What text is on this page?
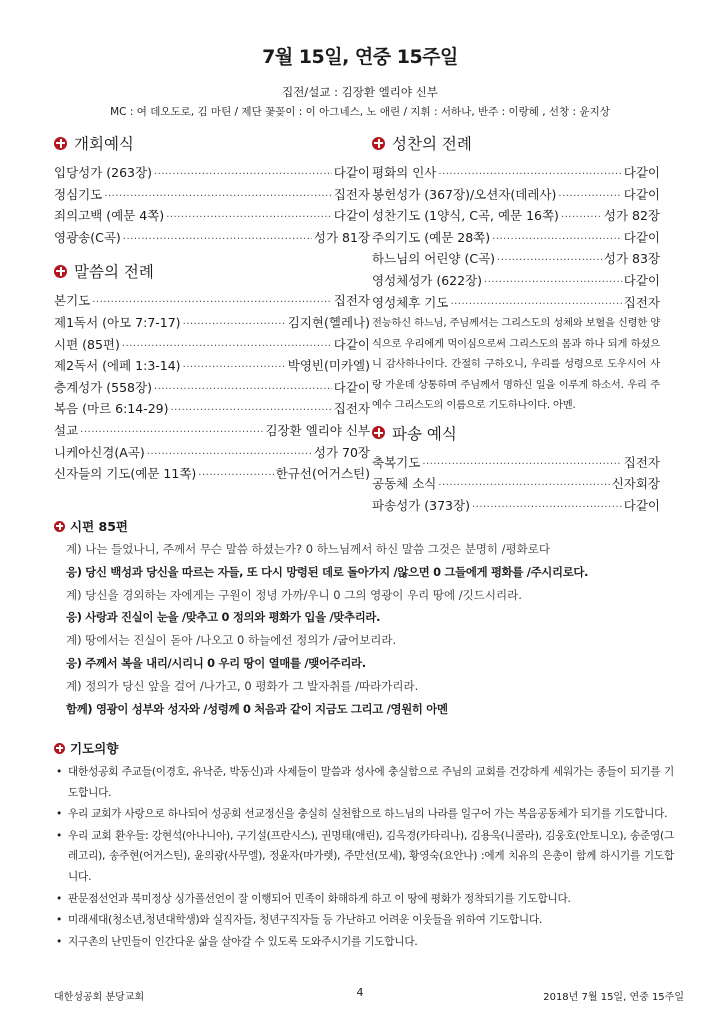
7월 15일, 연중 15주일
집전/설교 : 김장환 엘리야 신부
MC : 여 데오도로, 김 마틴 / 제단 꽃꽂이 : 이 아그네스, 노 애린 / 지휘 : 서하나, 반주 : 이랑혜 , 선창 : 윤지상
개회예식
입당성가 (263장) ·····	다같이
정심기도 ·····	집전자
죄의고백 (예문 4쪽) ·····	다같이
영광송(C곡) ·····	성가 81장
말씀의 전례
본기도 ·····	집전자
제1독서 (아모 7:7-17) ·····	김지현(헬레나)
시편 (85편) ·····	다같이
제2독서 (에페 1:3-14) ·····	박영빈(미카엘)
층계성가 (558장) ·····	다같이
복음 (마르 6:14-29) ·····	집전자
설교 ·····	김장환 엘리야 신부
니케아신경(A곡) ·····	성가 70장
신자들의 기도(예문 11쪽) ·····	한규선(어거스틴)
성찬의 전례
평화의 인사 ·····	다같이
봉헌성가 (367장)/오션자(데레사) ·····	다같이
성찬기도 (1양식, C곡, 예문 16쪽) ·····	성가 82장
주의기도 (예문 28쪽) ·····	다같이
하느님의 어린양 (C곡) ·····	성가 83장
영성체성가 (622장) ·····	다같이
영성체후 기도 ·····	집전자
전능하신 하느님, 주님께서는 그리스도의 성체와 보혈을 신령한 양식으로 우리에게 먹이심으로써 그리스도의 몸과 하나 되게 하셨으니 감사하나이다. 간절히 구하오니, 우리를 성령으로 도우시어 사랑 가운데 상통하며 주님께서 명하신 일을 이루게 하소서. 우리 주 예수 그리스도의 이름으로 기도하나이다. 아멘.
파송 예식
축복기도 ·····	집전자
공동체 소식 ·····	신자회장
파송성가 (373장) ·····	다같이
시편 85편
계) 나는 들었나니, 주께서 무슨 말씀 하셨는가? 0 하느님께서 하신 말씀 그것은 분명히 /평화로다
응) 당신 백성과 당신을 따르는 자들, 또 다시 망령된 데로 돌아가지 /않으면 0 그들에게 평화를 /주시리로다.
계) 당신을 경외하는 자에게는 구원이 정녕 가까/우니 0 그의 영광이 우리 땅에 /깃드시리라.
응) 사랑과 진실이 눈을 /맞추고 0 정의와 평화가 입을 /맞추리라.
계) 땅에서는 진실이 돋아 /나오고 0 하늘에선 정의가 /굽어보리라.
응) 주께서 복을 내리/시리니 0 우리 땅이 열매를 /맺어주리라.
계) 정의가 당신 앞을 걸어 /나가고, 0 평화가 그 발자취를 /따라가리라.
함께) 영광이 성부와 성자와 /성령께 0 처음과 같이 지금도 그리고 /영원히 아멘
기도의향
• 대한성공회 주교들(이경호, 유낙준, 박동신)과 사제들이 말씀과 성사에 충실함으로 주님의 교회를 건강하게 세워가는 종들이 되기를 기도합니다.
• 우리 교회가 사랑으로 하나되어 성공회 선교정신을 충실히 실천함으로 하느님의 나라를 일구어 가는 복음공동체가 되기를 기도합니다.
• 우리 교회 환우들: 강현석(아나니아), 구기설(프란시스), 권명태(애린), 김옥경(카타리나), 김용욱(니콜라), 김웅호(안토니오), 송준영(그레고리), 송주현(어거스틴), 윤의광(사무엘), 정윤자(마가렛), 주만선(모세), 황영숙(요안나) :에게 치유의 은총이 함께 하시기를 기도합니다.
• 판문점선언과 북미정상 싱가폴선언이 잘 이행되어 민족이 화해하게 하고 이 땅에 평화가 정착되기를 기도합니다.
• 미래세대(청소년,청년대학생)와 실직자들, 청년구직자들 등 가난하고 어려운 이웃들을 위하여 기도합니다.
• 지구촌의 난민들이 인간다운 삶을 살아갈 수 있도록 도와주시기를 기도합니다.
대한성공회 분당교회	4	2018년 7월 15일, 연중 15주일
